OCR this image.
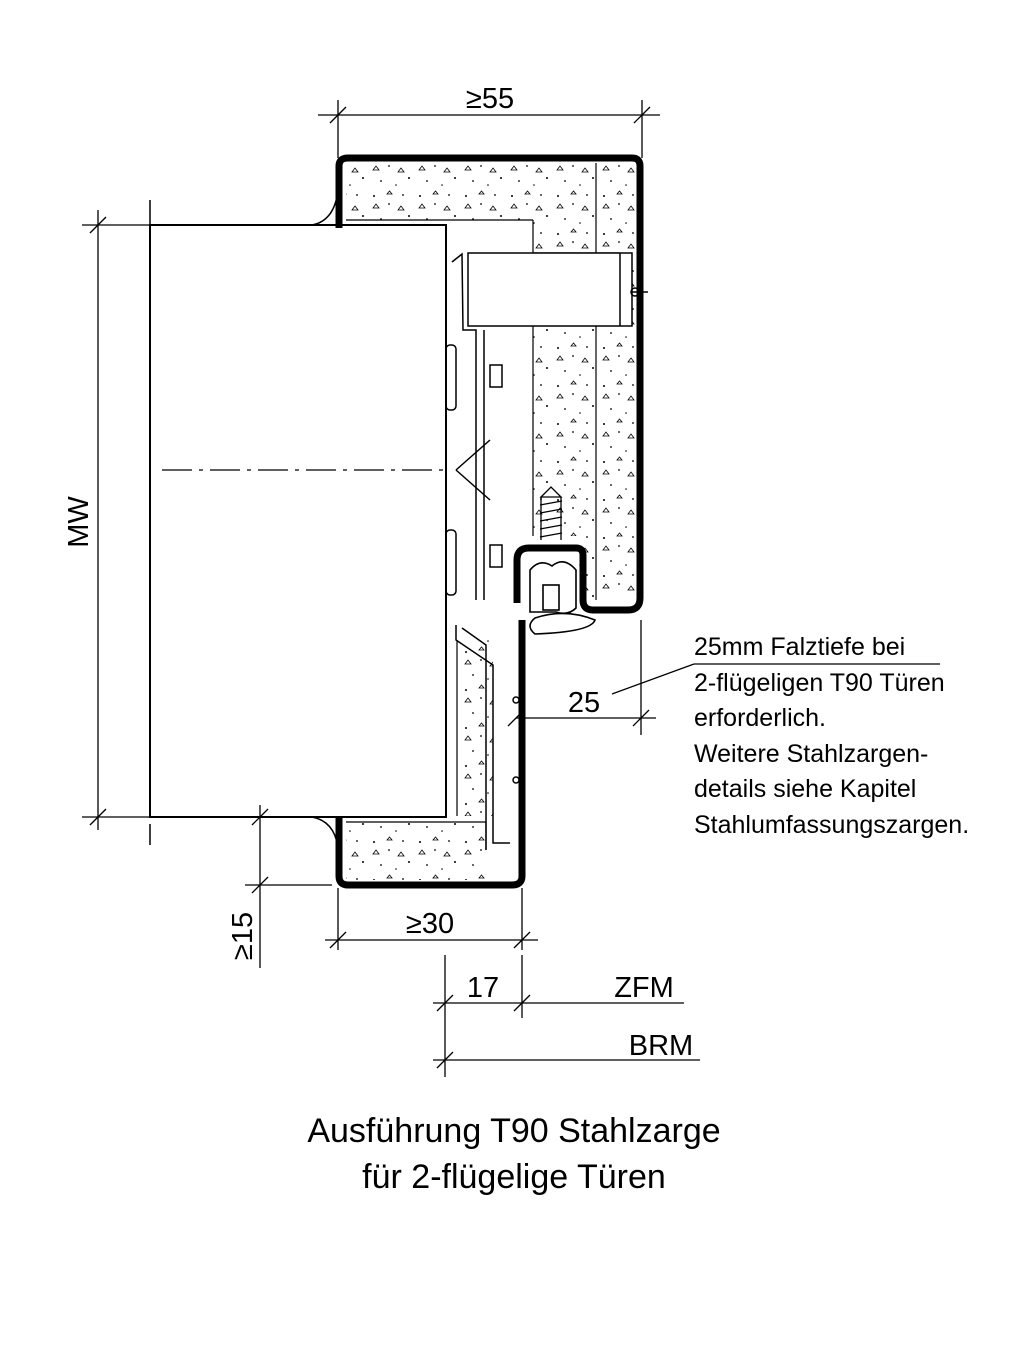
≥55
MW
25
≥15	≥30
17	ZFM
BRM
25mm Falztiefe bei
2-flügeligen T90 Türen
erforderlich.
Weitere Stahlzargen-
details siehe Kapitel
Stahlumfassungszargen.
Ausführung T90 Stahlzarge
für 2-flügelige Türen
